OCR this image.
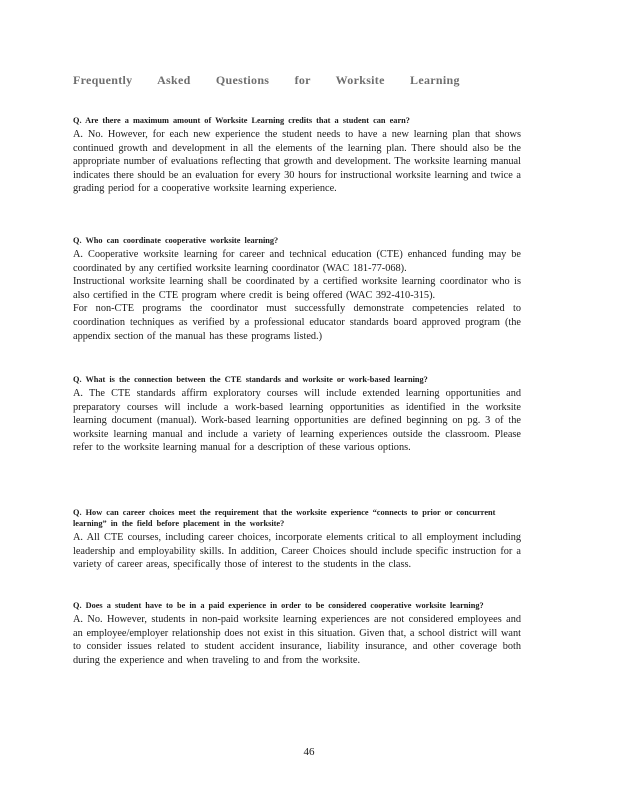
Frequently Asked Questions for Worksite Learning
Q. Are there a maximum amount of Worksite Learning credits that a student can earn?

A. No. However, for each new experience the student needs to have a new learning plan that shows continued growth and development in all the elements of the learning plan. There should also be the appropriate number of evaluations reflecting that growth and development. The worksite learning manual indicates there should be an evaluation for every 30 hours for instructional worksite learning and twice a grading period for a cooperative worksite learning experience.

Q. Who can coordinate cooperative worksite learning?

A. Cooperative worksite learning for career and technical education (CTE) enhanced funding may be coordinated by any certified worksite learning coordinator (WAC 181-77-068).

Instructional worksite learning shall be coordinated by a certified worksite learning coordinator who is also certified in the CTE program where credit is being offered (WAC 392-410-315).

For non-CTE programs the coordinator must successfully demonstrate competencies related to coordination techniques as verified by a professional educator standards board approved program (the appendix section of the manual has these programs listed.)

Q. What is the connection between the CTE standards and worksite or work-based learning?

A. The CTE standards affirm exploratory courses will include extended learning opportunities and preparatory courses will include a work-based learning opportunities as identified in the worksite learning document (manual). Work-based learning opportunities are defined beginning on pg. 3 of the worksite learning manual and include a variety of learning experiences outside the classroom. Please refer to the worksite learning manual for a description of these various options.

Q. How can career choices meet the requirement that the worksite experience “connects to prior or concurrent learning” in the field before placement in the worksite?

A. All CTE courses, including career choices, incorporate elements critical to all employment including leadership and employability skills. In addition, Career Choices should include specific instruction for a variety of career areas, specifically those of interest to the students in the class.

Q. Does a student have to be in a paid experience in order to be considered cooperative worksite learning?

A. No. However, students in non-paid worksite learning experiences are not considered employees and an employee/employer relationship does not exist in this situation. Given that, a school district will want to consider issues related to student accident insurance, liability insurance, and other coverage both during the experience and when traveling to and from the worksite.

46
